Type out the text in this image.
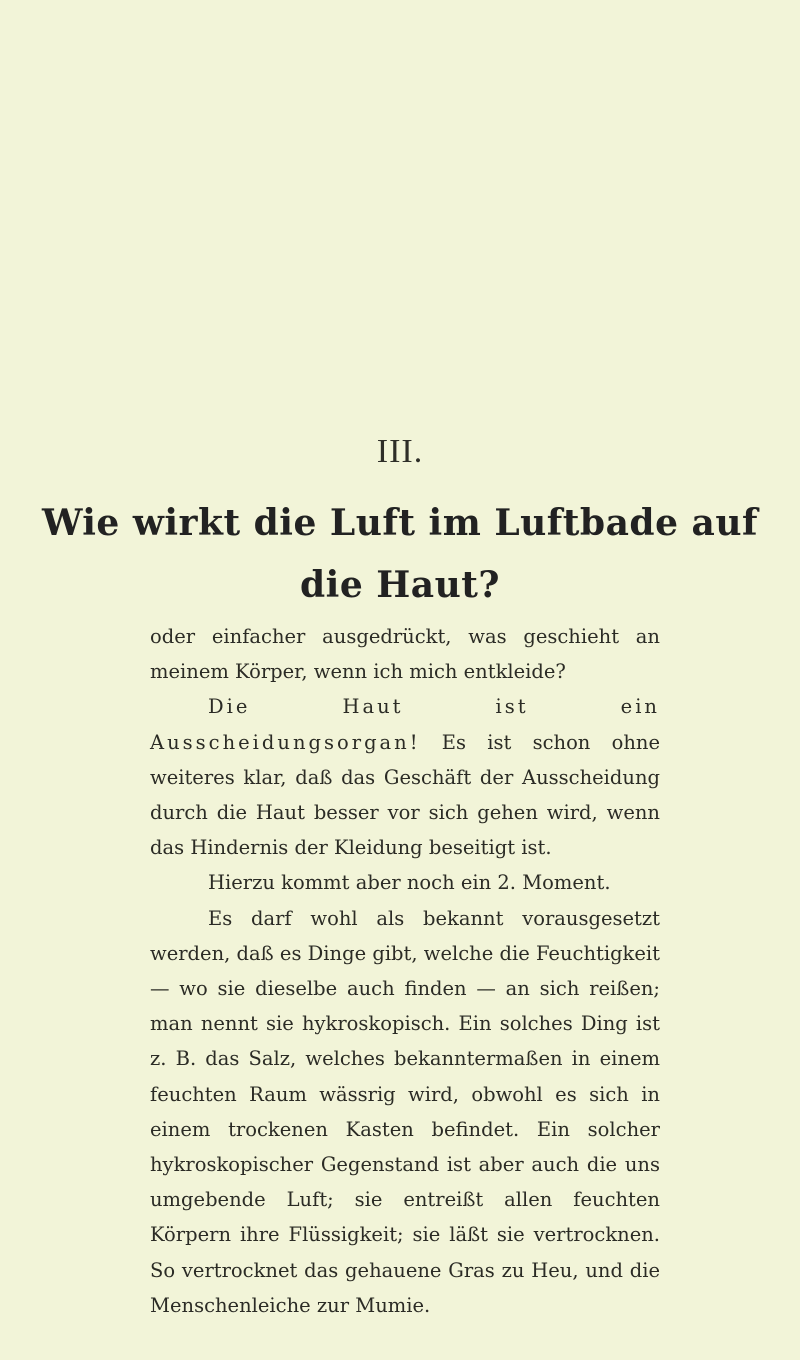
III.
Wie wirkt die Luft im Luftbade auf
die Haut?

oder einfacher ausgedrückt, was geschieht an meinem Körper, wenn ich mich entkleide?

Die Haut ist ein Ausscheidungsorgan! Es ist schon ohne weiteres klar, daß das Geschäft der Ausscheidung durch die Haut besser vor sich gehen wird, wenn das Hindernis der Kleidung beseitigt ist.

Hierzu kommt aber noch ein 2. Moment.

Es darf wohl als bekannt vorausgesetzt werden, daß es Dinge gibt, welche die Feuchtigkeit — wo sie dieselbe auch finden — an sich reißen; man nennt sie hykroskopisch. Ein solches Ding ist z. B. das Salz, welches bekanntermaßen in einem feuchten Raum wässrig wird, obwohl es sich in einem trockenen Kasten befindet. Ein solcher hykroskopischer Gegenstand ist aber auch die uns umgebende Luft; sie entreißt allen feuchten Körpern ihre Flüssigkeit; sie läßt sie vertrocknen. So vertrocknet das gehauene Gras zu Heu, und die Menschenleiche zur Mumie.
